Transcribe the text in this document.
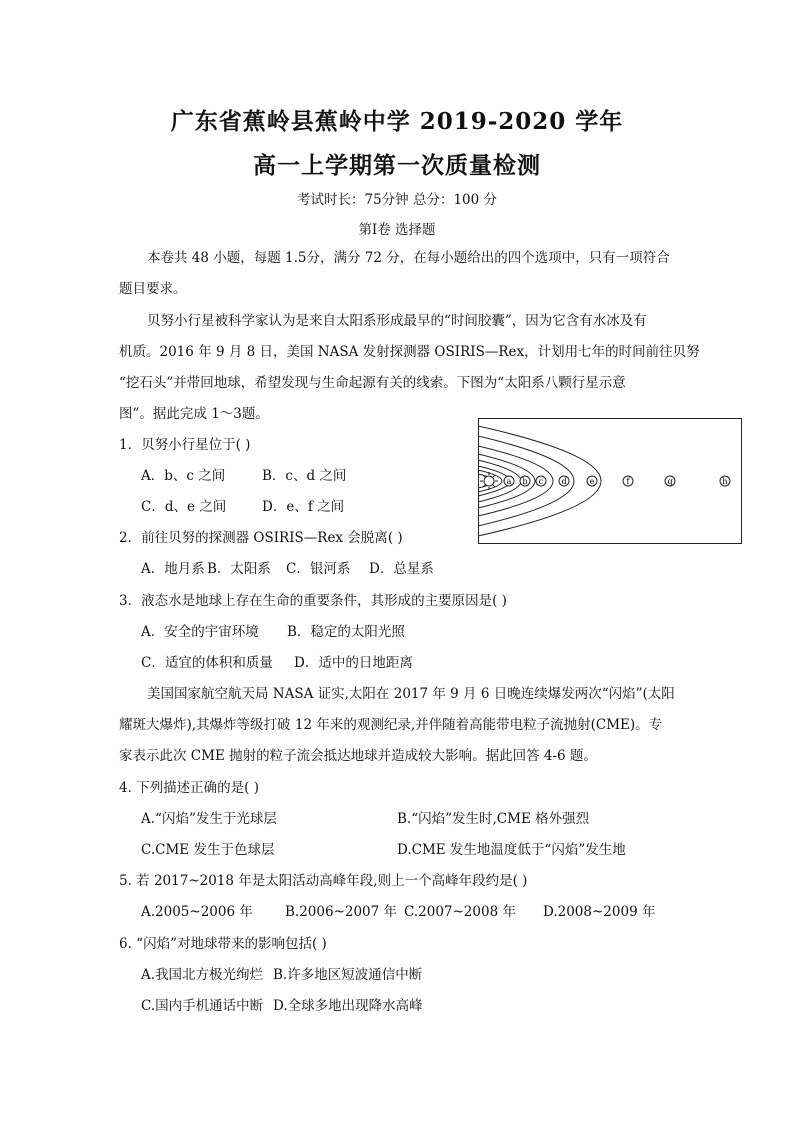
广东省蕉岭县蕉岭中学 2019-2020 学年
高一上学期第一次质量检测
考试时长：75分钟 总分：100 分
第Ⅰ卷 选择题
本卷共 48 小题，每题 1.5分，满分 72 分，在每小题给出的四个选项中，只有一项符合
题目要求。
贝努小行星被科学家认为是来自太阳系形成最早的“时间胶囊”，因为它含有水冰及有
机质。2016 年 9 月 8 日，美国 NASA 发射探测器 OSIRIS—Rex，计划用七年的时间前往贝努
“挖石头”并带回地球，希望发现与生命起源有关的线索。下图为“太阳系八颗行星示意
图”。据此完成 1～3题。
a b c d	e	f	g	h
1．贝努小行星位于( )
A．b、c 之间	B．c、d 之间
C．d、e 之间	D．e、f 之间
2．前往贝努的探测器 OSIRIS—Rex 会脱离( )
A．地月系 B．太阳系 C．银河系 D．总星系
3．液态水是地球上存在生命的重要条件，其形成的主要原因是( )
A．安全的宇宙环境 B．稳定的太阳光照
C．适宜的体积和质量 D．适中的日地距离
美国国家航空航天局 NASA 证实,太阳在 2017 年 9 月 6 日晚连续爆发两次“闪焰”(太阳
耀斑大爆炸),其爆炸等级打破 12 年来的观测纪录,并伴随着高能带电粒子流抛射(CME)。专
家表示此次 CME 抛射的粒子流会抵达地球并造成较大影响。据此回答 4-6 题。
4. 下列描述正确的是( )
A.“闪焰”发生于光球层	B.“闪焰”发生时,CME 格外强烈
C.CME 发生于色球层	D.CME 发生地温度低于“闪焰”发生地
5. 若 2017~2018 年是太阳活动高峰年段,则上一个高峰年段约是( )
A.2005~2006 年 B.2006~2007 年 C.2007~2008 年 D.2008~2009 年
6. “闪焰”对地球带来的影响包括( )
A.我国北方极光绚烂 B.许多地区短波通信中断
C.国内手机通话中断 D.全球多地出现降水高峰
